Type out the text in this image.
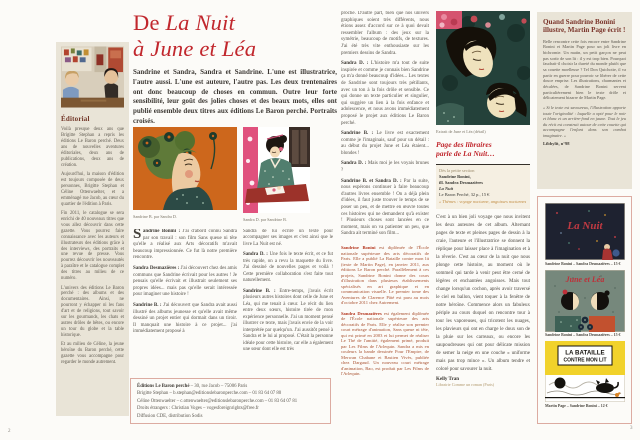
Éditorial

Voilà presque deux ans que Brigitte Stephan a repris les éditions Le Baron perché. Deux ans de nouvelles aventures éditoriales, deux ans de publications, deux ans de création.

Aujourd'hui, la maison d'édition est toujours composée de deux personnes, Brigitte Stephan et Céline Ottenwaelter, et a emménagé rue Jacob, au cœur du quartier de l'édition à Paris.

Fin 2011, le catalogue se sera enrichi de 40 nouveaux titres que vous allez découvrir dans cette gazette. Vous pourrez faire connaissance avec les auteurs et illustrateurs des éditions grâce à des interviews, des portraits et une revue de presse. Vous pourrez découvrir les nouveautés à paraître et le catalogue complet des titres au milieu de ce numéro.

L'univers des éditions Le Baron perché : des albums et des documentaires. Ainsi, ne pourront y échapper ni les fans d'art et de religions, tout savoir sur les gourmands, les chats et autres drôles de bêtes, ou encore un tour du globe et la table historique.

Et au milieu de Céline, la jeune héroïne du Baron perché, cette gazette vous accompagne pour regarder le monde autrement.

De La Nuit
à June et Léa

Sandrine et Sandra, Sandra et Sandrine. L'une est illustratrice, l'autre aussi. L'une est auteure, l'autre pas. Les deux trentenaires ont donc beaucoup de choses en commun. Outre leur forte sensibilité, leur goût des jolies choses et des beaux mots, elles ont publié ensemble deux titres aux éditions Le Baron perché. Portraits croisés.

Sandrine B. par Sandra D.
Sandra D. par Sandrine B.

Sandrine Bonini : J'ai d'abord connu Sandra par son travail : son film Sans queue ni tête qu'elle a réalisé aux Arts décoratifs m'avait beaucoup impressionnée. Ce fut là notre première rencontre.

Sandra Desmazières : J'ai découvert chez des amis communs que Sandrine écrivait pour les autres ! Je pensais qu'elle écrivait et illustrait seulement ses propres idées... mais pas qu'elle serait intéressée pour imaginer une histoire !

Sandrine B. : J'ai découvert que Sandra avait aussi illustré des albums jeunesse et qu'elle avait même dessiné un projet entier qui dormait dans un tiroir. Il manquait une histoire à ce projet... j'ai immédiatement proposé à

Sandra de lui écrire un texte pour accompagner ses images et c'est ainsi que le livre La Nuit est né.

Sandra D. : Une fois le texte écrit, et ce fut très rapide, on a revu la maquette du livre. J'ai dessiné de nouvelles pages et voilà ! Cette première collaboration s'est faite tout naturellement.

Sandrine B. : Entre-temps, j'avais écrit plusieurs autres histoires dont celle de June et Léa, qui me tenait à cœur. Le récit du lien entre deux sœurs, histoire tirée de mon expérience personnelle. J'ai un moment pensé illustrer ce texte, mais j'avais envie de la voir interprétée par quelqu'un. J'ai aussitôt pensé à Sandra et le lui ai proposé. C'était la personne idéale pour cette histoire, car elle a également une sœur dont elle est très

proche. D'autre part, bien que nos univers graphiques soient très différents, nous étions assez d'accord sur ce à quoi devait ressembler l'album : des jeux sur la symétrie, beaucoup de motifs, de textures. J'ai été très vite enthousiaste sur les premiers dessins de Sandra.

Sandra D. : L'histoire m'a tout de suite inspirée et comme je connais bien Sandrine ça m'a donné beaucoup d'idées... Les textes de Sandrine sont toujours très pétillants, avec un ton à la fois drôle et sensible. Ce qui donne un texte particulier et singulier, qui suggère un lien à la fois enfance et adolescence, et nous avons immédiatement proposé le projet aux éditions Le Baron perché.

Sandrine B. : Le livre est exactement comme je l'imaginais, sauf pour un détail : au début du projet June et Léa étaient... blondes !

Sandra D. : Mais moi je les voyais brunes ?

Sandrine B. et Sandra D. : Par la suite, nous espérons continuer à faire beaucoup d'autres livres ensemble ! On a déjà plein d'idées, il faut juste trouver le temps de se poser un peu, et de mettre en œuvre toutes ces histoires qui ne demandent qu'à exister ! Plusieurs choses sont lancées en ce moment, mais on va patienter un peu, que Sandra ait terminé son film...

Sandrine Bonini est diplômée de l'École nationale supérieure des arts décoratifs de Paris. Elle a publié La Bataille contre mon lit (texte de Martin Page), en janvier 2011, aux éditions Le Baron perché. Parallèlement à ces projets, Sandrine Bonini donne des cours d'illustration dans plusieurs établissements spécialisés en art graphique et en communication visuelle. Le premier tome des Aventures de Clarence Pâté est paru au mois d'octobre 2011 chez Autrement.

Sandra Desmazières est également diplômée de l'École nationale supérieure des arts décoratifs de Paris. Elle y réalise son premier court métrage d'animation, Sans queue ni tête, qui est primé en 2003 et lui permet de réaliser Le Thé de l'amitié, également primé, produit par Les Films de l'Arlequin. Sandra a mis en couleurs la bande dessinée Pour l'Empire, de Merwan Chabane et Bastien Vivès, publiée chez Dargaud. Un nouveau court métrage d'animation, Bao, est produit par Les Films de l'Arlequin.

Éditions Le Baron perché – 30, rue Jacob – 75006 Paris
Brigitte Stephan – b.stephan@editionslebaronperche.com – 01 83 64 07 80
Céline Ottenwaelter – c.ottenwaelter@editionslebaronperche.com – 01 83 64 07 81
Droits étrangers : Christian Voges – vogesforeignrights@free.fr
Diffusion CDE, distribution Sodis
Extrait de June et Léa (détail)
Page des libraires
parle de La Nuit…
Dès la petite section
Sandrine Bonini,
ill. Sandra Desmazières
La Nuit
Le Baron Perché, 32 p., 15 €
« Thèmes : voyage nocturne, angoisses nocturnes

C'est à un bien joli voyage que nous invitent les deux auteures de cet album. Alternant pages de texte et pleines pages de dessin à la craie, l'auteure et l'illustratrice se donnent la réplique pour laisser place à l'imagination et à la rêverie. C'est au cœur de la nuit que nous plonge cette histoire, au moment où le sommeil qui tarde à venir peut être cerné de légères et enchantées angoisses. Mais tout change lorsqu'un cochon, après avoir traversé le ciel en ballon, vient toquer à la fenêtre de notre héroïne. Commence alors un fabuleux périple au cours duquel on rencontre tour à tour les vaporeuses, qui tricotent les nuages, les plavieurs qui ont en charge le doux son de la pluie sur les carreaux, ou encore les saupoudreuses qui ont pour délicate mission de semer la neige en une couche « uniforme mais pas trop mince ». Un album tendre et coloré pour savourer la nuit.

Kelly Tran
Librairie Comme un roman (Paris)
Quand Sandrine Bonini illustre, Martin Page écrit !

Belle rencontre cette fois encore entre Sandrine Bonini et Martin Page pour un joli livre en bichromie. Un matin, un petit garçon ne peut pas sortir de son lit : il y est trop bien. Pourquoi faudrait-il choisir la dureté du monde plutôt que sa couette moelleuse ? Tel Don Quichotte, il va partir en guerre pour pouvoir se libérer de cette douce emprise. Les illustrations, charmantes et décalées, de Sandrine Bonini servent particulièrement bien le texte drôle et délicatement bizarre de Martin Page.

« Si le texte est savoureux, l'illustration apporte toute l'originalité : laquelle a opté pour le noir et blanc et un arrière-fond en jaune. Tout le jeu du récit est construit autour de cette couette qui accompagne l'enfant dans son combat imaginaire. »

Libbylit, n°98
La Nuit
Sandrine Bonini – Sandra Desmazières – 15 €
June et Léa
Sandrine Bonini – Sandra Desmazières – 15 €
LA BATAILLE
CONTRE MON LIT
Martin Page – Sandrine Bonini – 12 €
2
3
